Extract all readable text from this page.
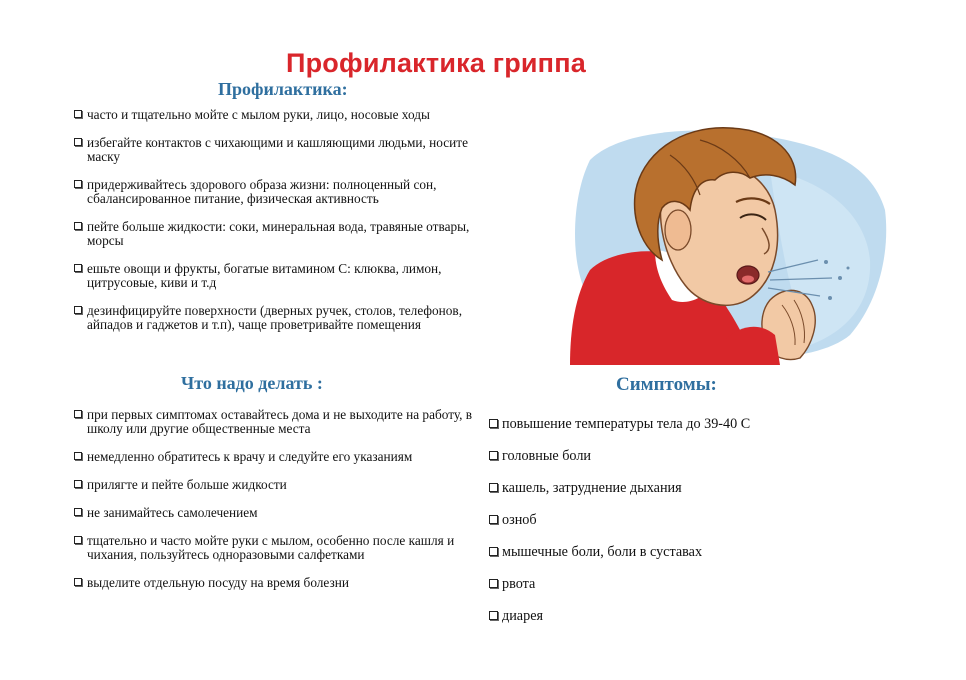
Профилактика гриппа
Профилактика:
часто и тщательно мойте с мылом руки, лицо, носовые ходы
избегайте контактов с чихающими и кашляющими людьми, носите маску
придерживайтесь здорового образа жизни: полноценный сон, сбалансированное питание, физическая активность
пейте больше жидкости: соки, минеральная вода, травяные отвары, морсы
ешьте овощи и фрукты, богатые витамином С: клюква, лимон, цитрусовые, киви и т.д
дезинфицируйте поверхности (дверных ручек, столов, телефонов, айпадов и гаджетов и т.п), чаще проветривайте помещения
Что надо делать :
при первых симптомах оставайтесь дома и не выходите на работу, в школу или другие общественные места
немедленно обратитесь к врачу и следуйте его указаниям
прилягте и пейте больше жидкости
не занимайтесь самолечением
тщательно и часто мойте руки с мылом, особенно после кашля и чихания, пользуйтесь одноразовыми салфетками
выделите отдельную посуду на время болезни
Симптомы:
повышение температуры тела до 39-40 С
головные боли
кашель, затруднение дыхания
озноб
мышечные боли, боли в суставах
рвота
диарея
